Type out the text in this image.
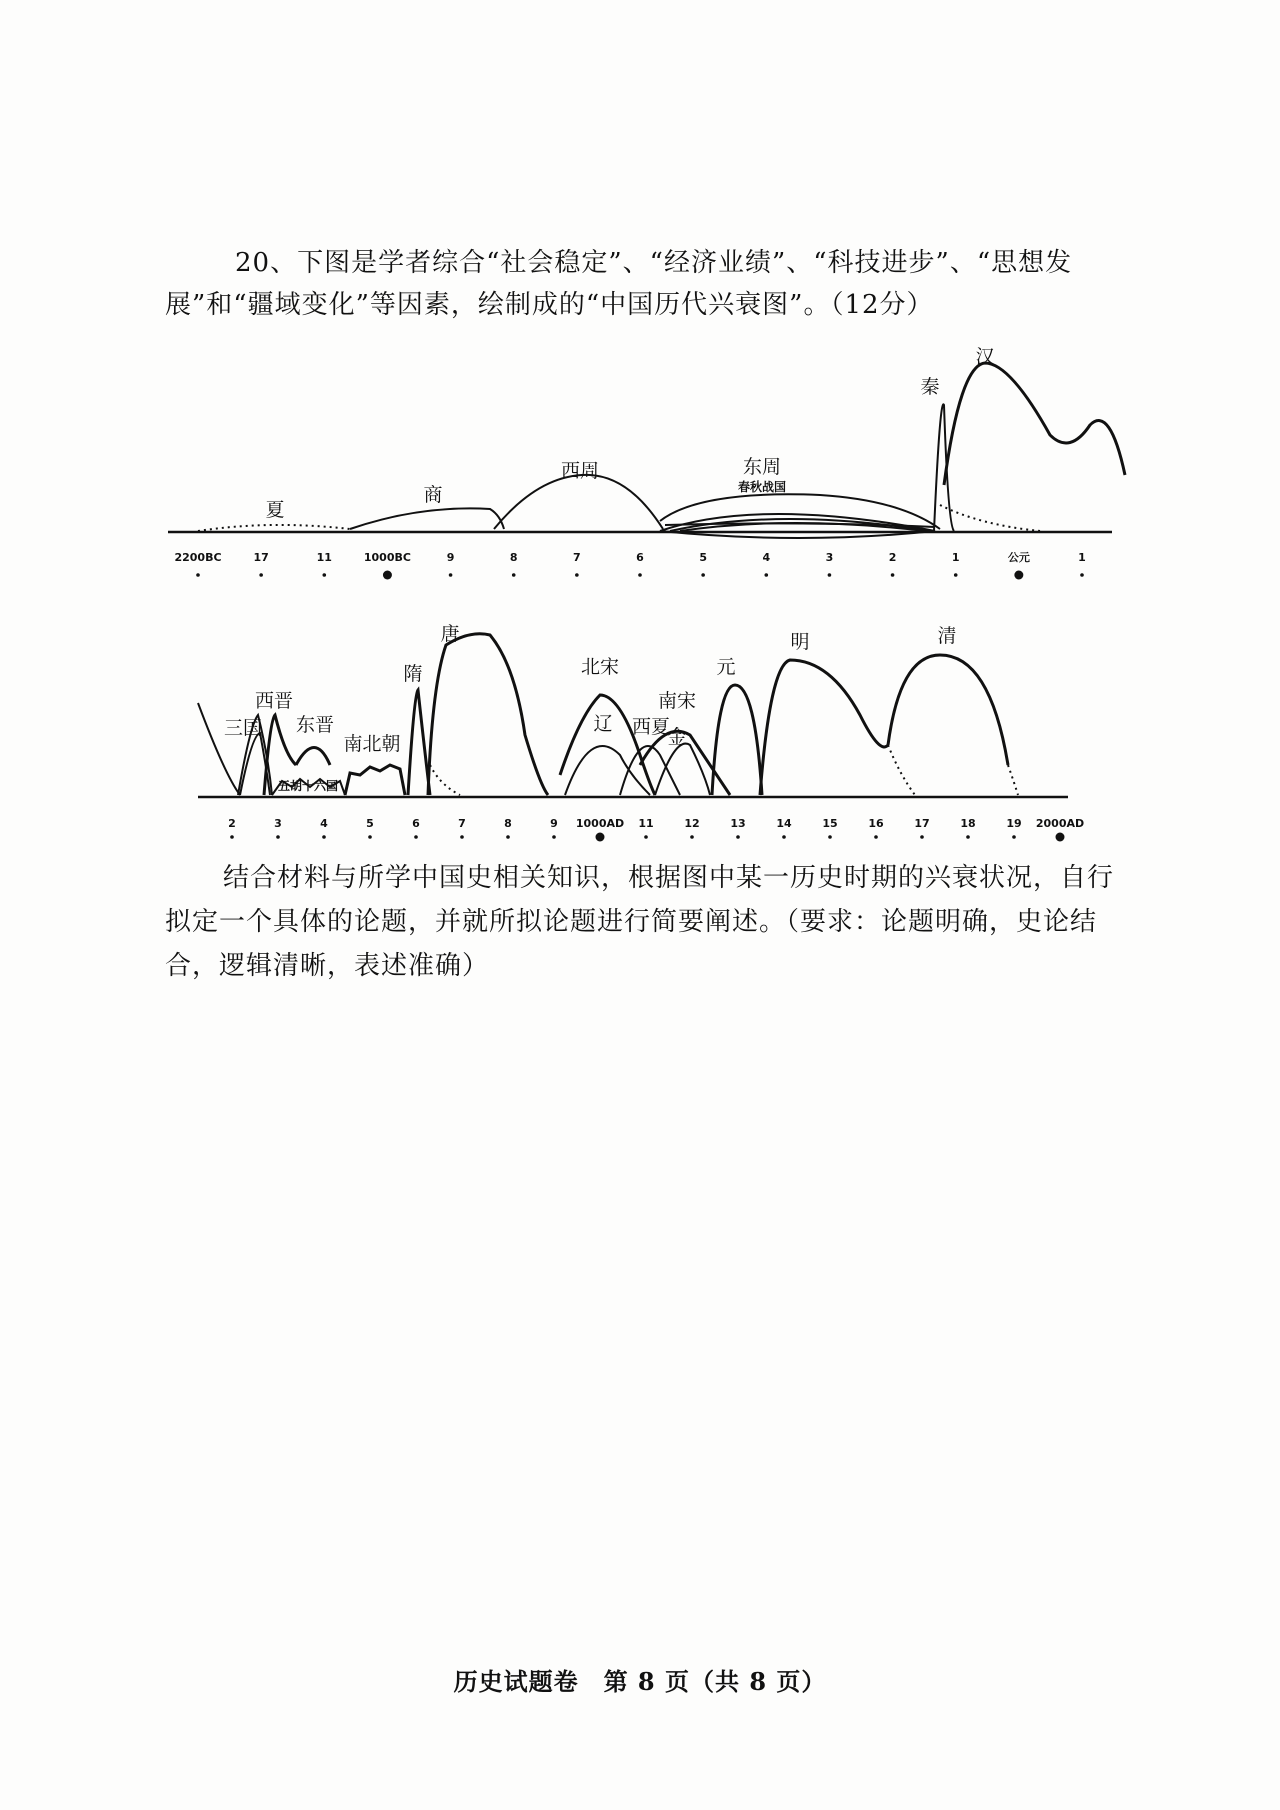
20、下图是学者综合“社会稳定”、“经济业绩”、“科技进步”、“思想发展”和“疆域变化”等因素，绘制成的“中国历代兴衰图”。（12分）
2200BC	17	11	1000BC	9	8	7	6	5	4	3	2	1	公元	1
夏
商
西周	东周
春秋战国
秦
汉
2	3	4	5	6	7	8	9 1000AD 11	12	13	14	15	16	17	18	19 2000AD
三国
西晋
东晋
五胡十六国
南北朝
隋
唐
北宋
辽 西夏
南宋
金
元
明	清
结合材料与所学中国史相关知识，根据图中某一历史时期的兴衰状况，自行拟定一个具体的论题，并就所拟论题进行简要阐述。（要求：论题明确，史论结合，逻辑清晰，表述准确）
历史试题卷　第 8 页（共 8 页）
